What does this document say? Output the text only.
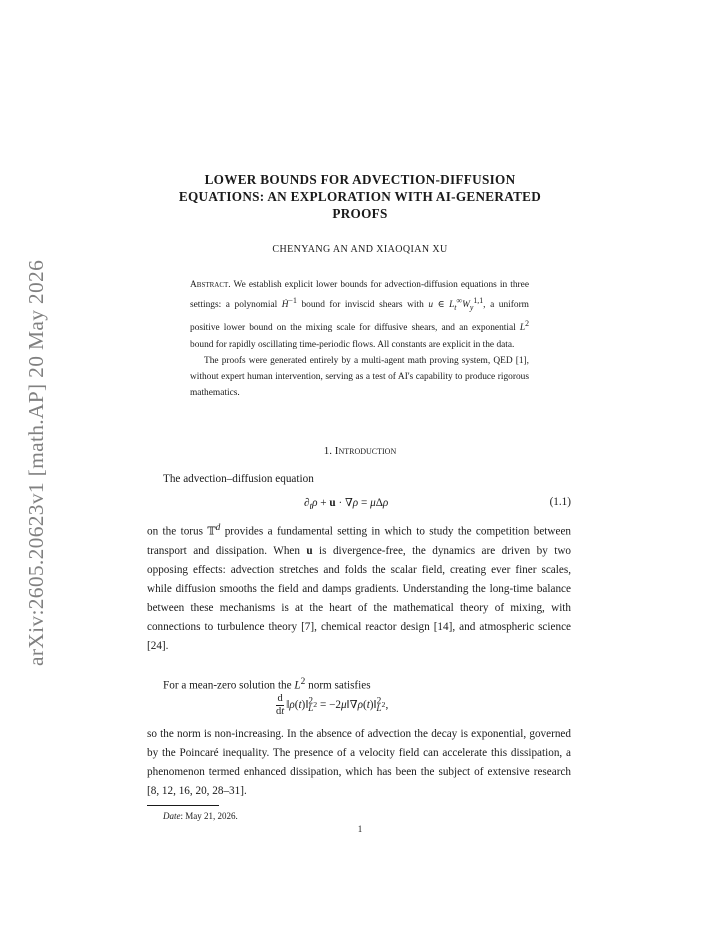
arXiv:2605.20623v1 [math.AP] 20 May 2026
LOWER BOUNDS FOR ADVECTION-DIFFUSION
EQUATIONS: AN EXPLORATION WITH AI-GENERATED
PROOFS
CHENYANG AN AND XIAOQIAN XU

Abstract. We establish explicit lower bounds for advection-diffusion equations in three settings: a polynomial Ḣ$^{-1}$ bound for inviscid shears with u ∈ $L_t^\infty W_y^{1,1}$, a uniform positive lower bound on the mixing scale for diffusive shears, and an exponential $L^2$ bound for rapidly oscillating time-periodic flows. All constants are explicit in the data.

The proofs were generated entirely by a multi-agent math proving system, QED [1], without expert human intervention, serving as a test of AI's capability to produce rigorous mathematics.

1. Introduction

The advection–diffusion equation

$\partial_t\rho + u \cdot \nabla\rho = \mu\Delta\rho$	(1.1)

on the torus 𝕋$^d$ provides a fundamental setting in which to study the competition between transport and dissipation. When u is divergence-free, the dynamics are driven by two opposing effects: advection stretches and folds the scalar field, creating ever finer scales, while diffusion smooths the field and damps gradients. Understanding the long-time balance between these mechanisms is at the heart of the mathematical theory of mixing, with connections to turbulence theory [7], chemical reactor design [14], and atmospheric science [24].

For a mean-zero solution the $L^2$ norm satisfies

$\frac{d}{dt}$ ‖ρ(t)‖$^2_{L^2}$ = −2μ‖∇ρ(t)‖$^2_{L^2}$,

so the norm is non-increasing. In the absence of advection the decay is exponential, governed by the Poincaré inequality. The presence of a velocity field can accelerate this dissipation, a phenomenon termed enhanced dissipation, which has been the subject of extensive research [8, 12, 16, 20, 28–31].

Date: May 21, 2026.
1
